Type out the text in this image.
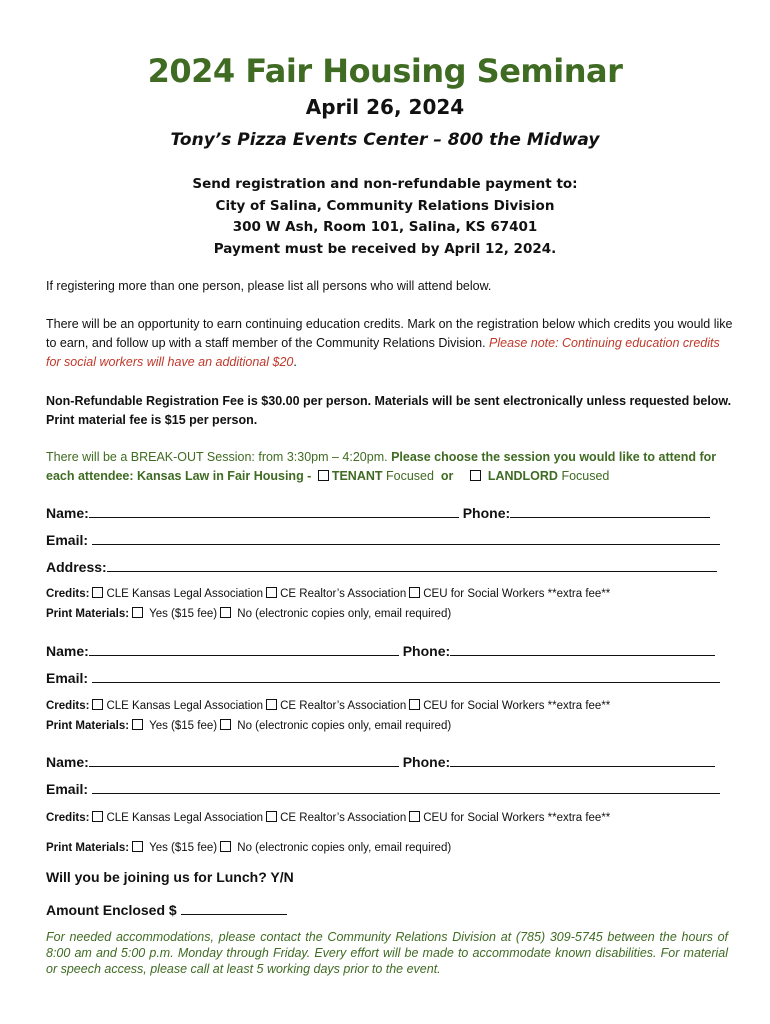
2024 Fair Housing Seminar
April 26, 2024
Tony’s Pizza Events Center – 800 the Midway
Send registration and non-refundable payment to:
City of Salina, Community Relations Division
300 W Ash, Room 101, Salina, KS 67401
Payment must be received by April 12, 2024.
If registering more than one person, please list all persons who will attend below.
There will be an opportunity to earn continuing education credits. Mark on the registration below which credits you would like to earn, and follow up with a staff member of the Community Relations Division. Please note: Continuing education credits for social workers will have an additional $20.
Non-Refundable Registration Fee is $30.00 per person. Materials will be sent electronically unless requested below. Print material fee is $15 per person.
There will be a BREAK-OUT Session: from 3:30pm – 4:20pm. Please choose the session you would like to attend for each attendee: Kansas Law in Fair Housing - TENANT Focused or	LANDLORD Focused
Name:	Phone:
Email:
Address:
Credits: CLE Kansas Legal Association CE Realtor’s Association CEU for Social Workers **extra fee**
Print Materials: Yes ($15 fee) No (electronic copies only, email required)
Name:	Phone:
Email:
Credits: CLE Kansas Legal Association CE Realtor’s Association CEU for Social Workers **extra fee**
Print Materials: Yes ($15 fee) No (electronic copies only, email required)
Name:	Phone:
Email:
Credits: CLE Kansas Legal Association CE Realtor’s Association CEU for Social Workers **extra fee**
Print Materials: Yes ($15 fee) No (electronic copies only, email required)
Will you be joining us for Lunch? Y/N
Amount Enclosed $
For needed accommodations, please contact the Community Relations Division at (785) 309-5745 between the hours of 8:00 am and 5:00 p.m. Monday through Friday. Every effort will be made to accommodate known disabilities. For material or speech access, please call at least 5 working days prior to the event.
